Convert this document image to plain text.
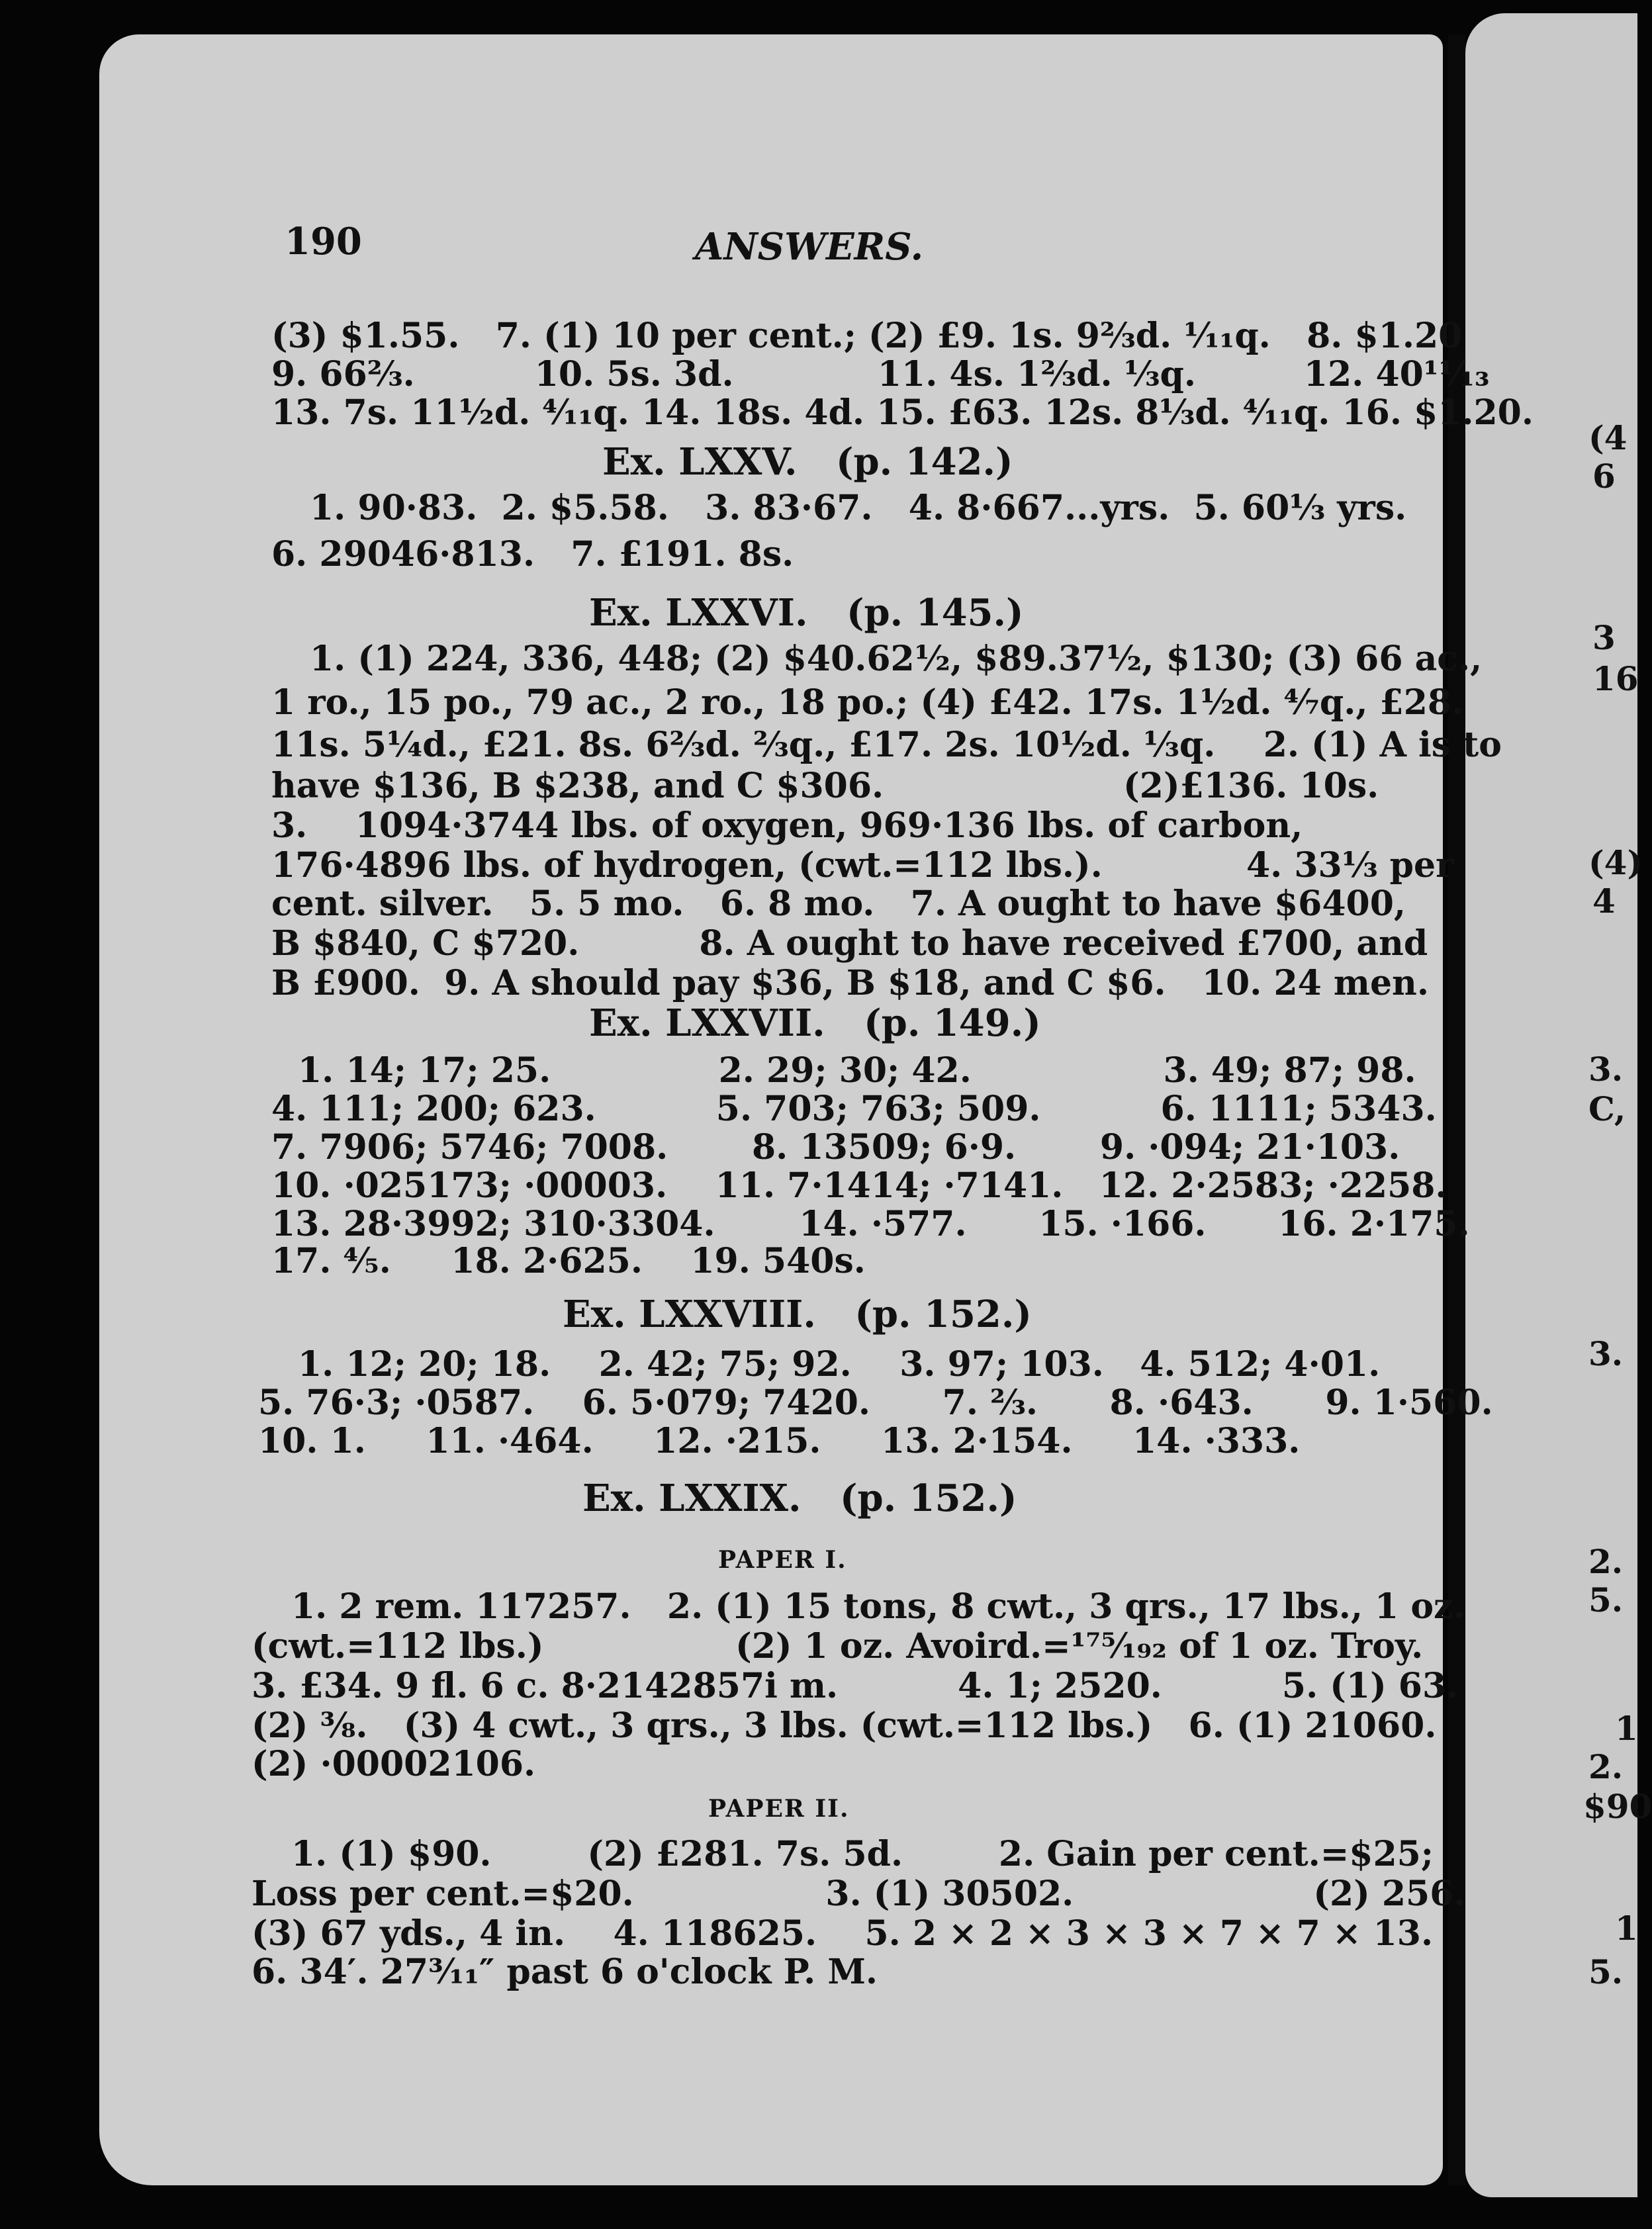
190	ANSWERS.
(3) $1.55.   7. (1) 10 per cent.; (2) £9. 1s. 9⅔d. ¹⁄₁₁q.   8. $1.20
9. 66⅔.          10. 5s. 3d.            11. 4s. 1⅔d. ⅓q.         12. 40¹¹⁄₁₃
13. 7s. 11½d. ⁴⁄₁₁q. 14. 18s. 4d. 15. £63. 12s. 8⅓d. ⁴⁄₁₁q. 16. $1.20.
Ex. LXXV.   (p. 142.)
1. 90·83.  2. $5.58.   3. 83·67.   4. 8·667...yrs.  5. 60⅓ yrs.
6. 29046·813.   7. £191. 8s.
Ex. LXXVI.   (p. 145.)
1. (1) 224, 336, 448; (2) $40.62½, $89.37½, $130; (3) 66 ac.,
1 ro., 15 po., 79 ac., 2 ro., 18 po.; (4) £42. 17s. 1½d. ⁴⁄₇q., £28.
11s. 5¼d., £21. 8s. 6⅔d. ⅔q., £17. 2s. 10½d. ⅓q.    2. (1) A is to
have $136, B $238, and C $306.                    (2)£136. 10s.
3.    1094·3744 lbs. of oxygen, 969·136 lbs. of carbon,
176·4896 lbs. of hydrogen, (cwt.=112 lbs.).            4. 33⅓ per
cent. silver.   5. 5 mo.   6. 8 mo.   7. A ought to have $6400,
B $840, C $720.          8. A ought to have received £700, and
B £900.  9. A should pay $36, B $18, and C $6.   10. 24 men.
Ex. LXXVII.   (p. 149.)
1. 14; 17; 25.              2. 29; 30; 42.                3. 49; 87; 98.
4. 111; 200; 623.          5. 703; 763; 509.          6. 1111; 5343.
7. 7906; 5746; 7008.       8. 13509; 6·9.       9. ·094; 21·103.
10. ·025173; ·00003.    11. 7·1414; ·7141.   12. 2·2583; ·2258.
13. 28·3992; 310·3304.       14. ·577.      15. ·166.      16. 2·175.
17. ⁴⁄₅.     18. 2·625.    19. 540s.
Ex. LXXVIII.   (p. 152.)
1. 12; 20; 18.    2. 42; 75; 92.    3. 97; 103.   4. 512; 4·01.
5. 76·3; ·0587.    6. 5·079; 7420.      7. ⅔.      8. ·643.      9. 1·560.
10. 1.     11. ·464.     12. ·215.     13. 2·154.     14. ·333.
Ex. LXXIX.   (p. 152.)
PAPER I.
1. 2 rem. 117257.   2. (1) 15 tons, 8 cwt., 3 qrs., 17 lbs., 1 oz.
(cwt.=112 lbs.)                (2) 1 oz. Avoird.=¹⁷⁵⁄₁₉₂ of 1 oz. Troy.
3. £34. 9 fl. 6 c. 8·2142857i m.          4. 1; 2520.          5. (1) 63.
(2) ⅜.   (3) 4 cwt., 3 qrs., 3 lbs. (cwt.=112 lbs.)   6. (1) 21060.
(2) ·00002106.
PAPER II.
1. (1) $90.        (2) £281. 7s. 5d.        2. Gain per cent.=$25;
Loss per cent.=$20.                3. (1) 30502.                    (2) 256.
(3) 67 yds., 4 in.    4. 118625.    5. 2 × 2 × 3 × 3 × 7 × 7 × 13.
6. 34′. 27³⁄₁₁″ past 6 o'clock P. M.
(4
6
3
16
(4)
4
3.
C,
3.
2.
5.
1
2.
$90
1
5.
